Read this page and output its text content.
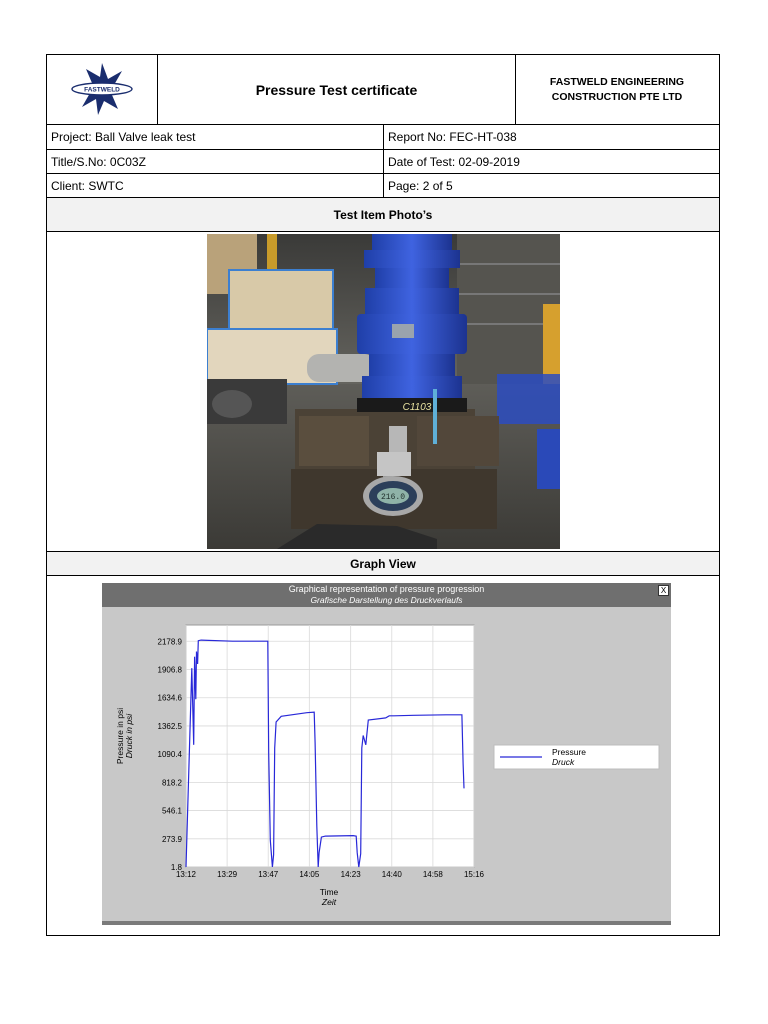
FASTWELD	Pressure Test certificate	FASTWELD ENGINEERING
CONSTRUCTION PTE LTD
Project: Ball Valve leak test	Report No: FEC-HT-038
Title/S.No: 0C03Z	Date of Test: 02-09-2019
Client: SWTC	Page: 2 of 5
Test Item Photo’s
C1103
216.0
Graph View
Graphical representation of pressure progression
Grafische Darstellung des Druckverlaufs
X
1.8
273.9
546.1
818.2
1090.4
1362.5
1634.6
1906.8
2178.9
13:12	13:29	13:47	14:05	14:23	14:40	14:58	15:16
Pressure in psi Druck in psi
Time
Zeit
Pressure
Druck
